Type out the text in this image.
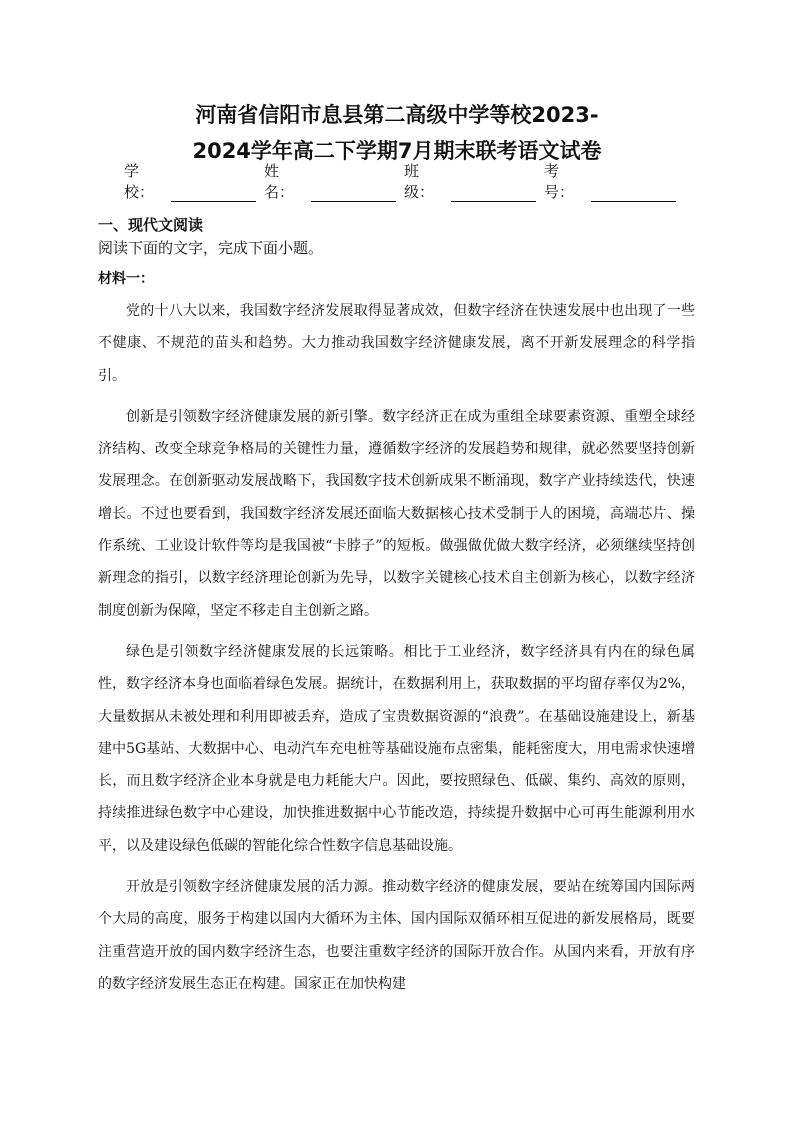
河南省信阳市息县第二高级中学等校2023-
2024学年高二下学期7月期末联考语文试卷
学校：
姓名：
班级：
考号：
一、现代文阅读
阅读下面的文字，完成下面小题。
材料一：

党的十八大以来，我国数字经济发展取得显著成效，但数字经济在快速发展中也出现了一些不健康、不规范的苗头和趋势。大力推动我国数字经济健康发展，离不开新发展理念的科学指引。

创新是引领数字经济健康发展的新引擎。数字经济正在成为重组全球要素资源、重塑全球经济结构、改变全球竞争格局的关键性力量，遵循数字经济的发展趋势和规律，就必然要坚持创新发展理念。在创新驱动发展战略下，我国数字技术创新成果不断涌现，数字产业持续迭代，快速增长。不过也要看到，我国数字经济发展还面临大数据核心技术受制于人的困境，高端芯片、操作系统、工业设计软件等均是我国被“卡脖子”的短板。做强做优做大数字经济，必须继续坚持创新理念的指引，以数字经济理论创新为先导，以数字关键核心技术自主创新为核心，以数字经济制度创新为保障，坚定不移走自主创新之路。

绿色是引领数字经济健康发展的长远策略。相比于工业经济，数字经济具有内在的绿色属性，数字经济本身也面临着绿色发展。据统计，在数据利用上，获取数据的平均留存率仅为2%，大量数据从未被处理和利用即被丢弃，造成了宝贵数据资源的“浪费”。在基础设施建设上，新基建中5G基站、大数据中心、电动汽车充电桩等基础设施布点密集，能耗密度大，用电需求快速增长，而且数字经济企业本身就是电力耗能大户。因此，要按照绿色、低碳、集约、高效的原则，持续推进绿色数字中心建设，加快推进数据中心节能改造，持续提升数据中心可再生能源利用水平，以及建设绿色低碳的智能化综合性数字信息基础设施。

开放是引领数字经济健康发展的活力源。推动数字经济的健康发展，要站在统筹国内国际两个大局的高度，服务于构建以国内大循环为主体、国内国际双循环相互促进的新发展格局，既要注重营造开放的国内数字经济生态，也要注重数字经济的国际开放合作。从国内来看，开放有序的数字经济发展生态正在构建。国家正在加快构建
